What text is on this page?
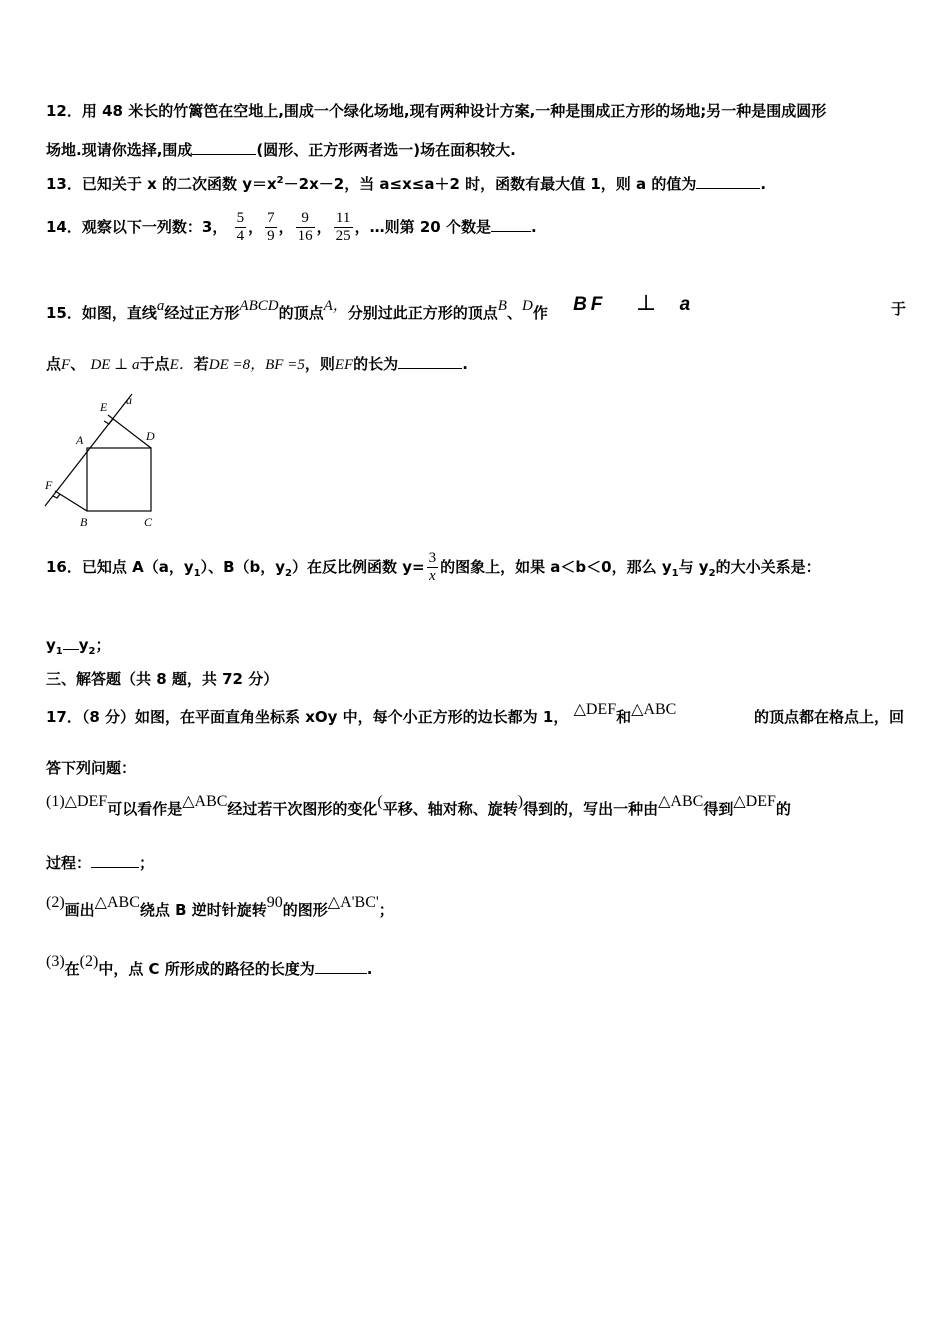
12．用 48 米长的竹篱笆在空地上,围成一个绿化场地,现有两种设计方案,一种是围成正方形的场地;另一种是围成圆形
场地.现请你选择,围成	(圆形、正方形两者选一)场在面积较大.
13．已知关于 x 的二次函数 $y=x^2-2x-2$，当 a≤x≤a＋2 时，函数有最大值 1，则 a 的值为	.
14．观察以下一列数：3， $\frac{5}{4}$ ， $\frac{7}{9}$ ， $\frac{9}{16}$ ， $\frac{11}{25}$ ，…则第 20 个数是	.
15．如图，直线a经过正方形ABCD的顶点A，分别过此正方形的顶点B、D作 BF ⊥ a	于
点F、 DE ⊥ a于点E．若DE =8，BF =5，则EF的长为	.
E a
A	D
F
B	C
16．已知点 A（a，$y_1$）、B（b，$y_2$）在反比例函数 $y= \frac{3}{x}$ 的图象上，如果 a＜b＜0，那么 $y_1$与 $y_2$的大小关系是：
$y_1$ $y_2$；
三、解答题（共 8 题，共 72 分）
17．（8 分）如图，在平面直角坐标系 xOy 中，每个小正方形的边长都为 1， △DEF和△ABC	的顶点都在格点上，回
答下列问题：
(1)△DEF可以看作是△ABC经过若干次图形的变化(平移、轴对称、旋转)得到的，写出一种由△ABC得到△DEF的
过程：	；
(2)画出△ABC绕点 B 逆时针旋转90的图形△A'BC'；
(3)在(2)中，点 C 所形成的路径的长度为	.
